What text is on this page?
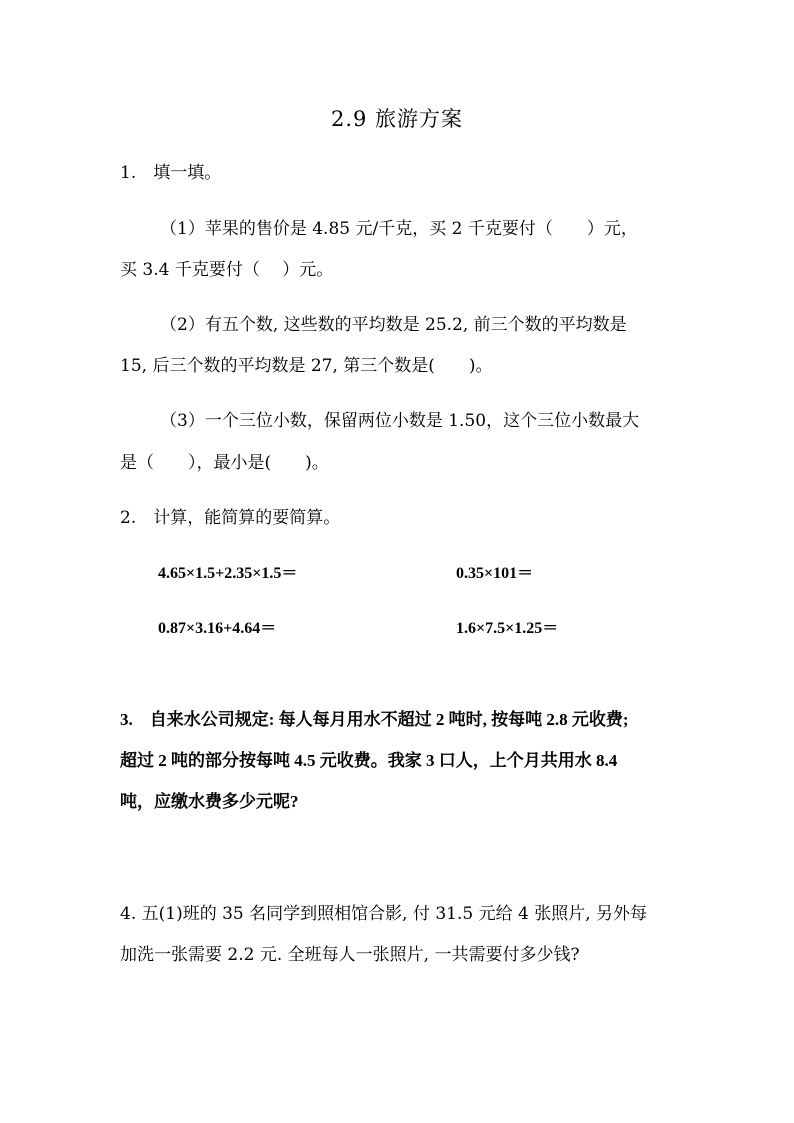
2.9 旅游方案
1.　填一填。
（1）苹果的售价是 4.85 元/千克，买 2 千克要付（　　）元，
买 3.4 千克要付（　 ）元。
（2）有五个数, 这些数的平均数是 25.2, 前三个数的平均数是
15, 后三个数的平均数是 27, 第三个数是(　　)。
（3）一个三位小数，保留两位小数是 1.50，这个三位小数最大
是（　　），最小是(　　)。
2.　计算，能简算的要简算。
4.65×1.5+2.35×1.5＝	0.35×101＝
0.87×3.16+4.64＝	1.6×7.5×1.25＝
3.　自来水公司规定: 每人每月用水不超过 2 吨时, 按每吨 2.8 元收费;
超过 2 吨的部分按每吨 4.5 元收费。我家 3 口人，上个月共用水 8.4
吨，应缴水费多少元呢?
4. 五(1)班的 35 名同学到照相馆合影, 付 31.5 元给 4 张照片, 另外每
加洗一张需要 2.2 元. 全班每人一张照片, 一共需要付多少钱?
